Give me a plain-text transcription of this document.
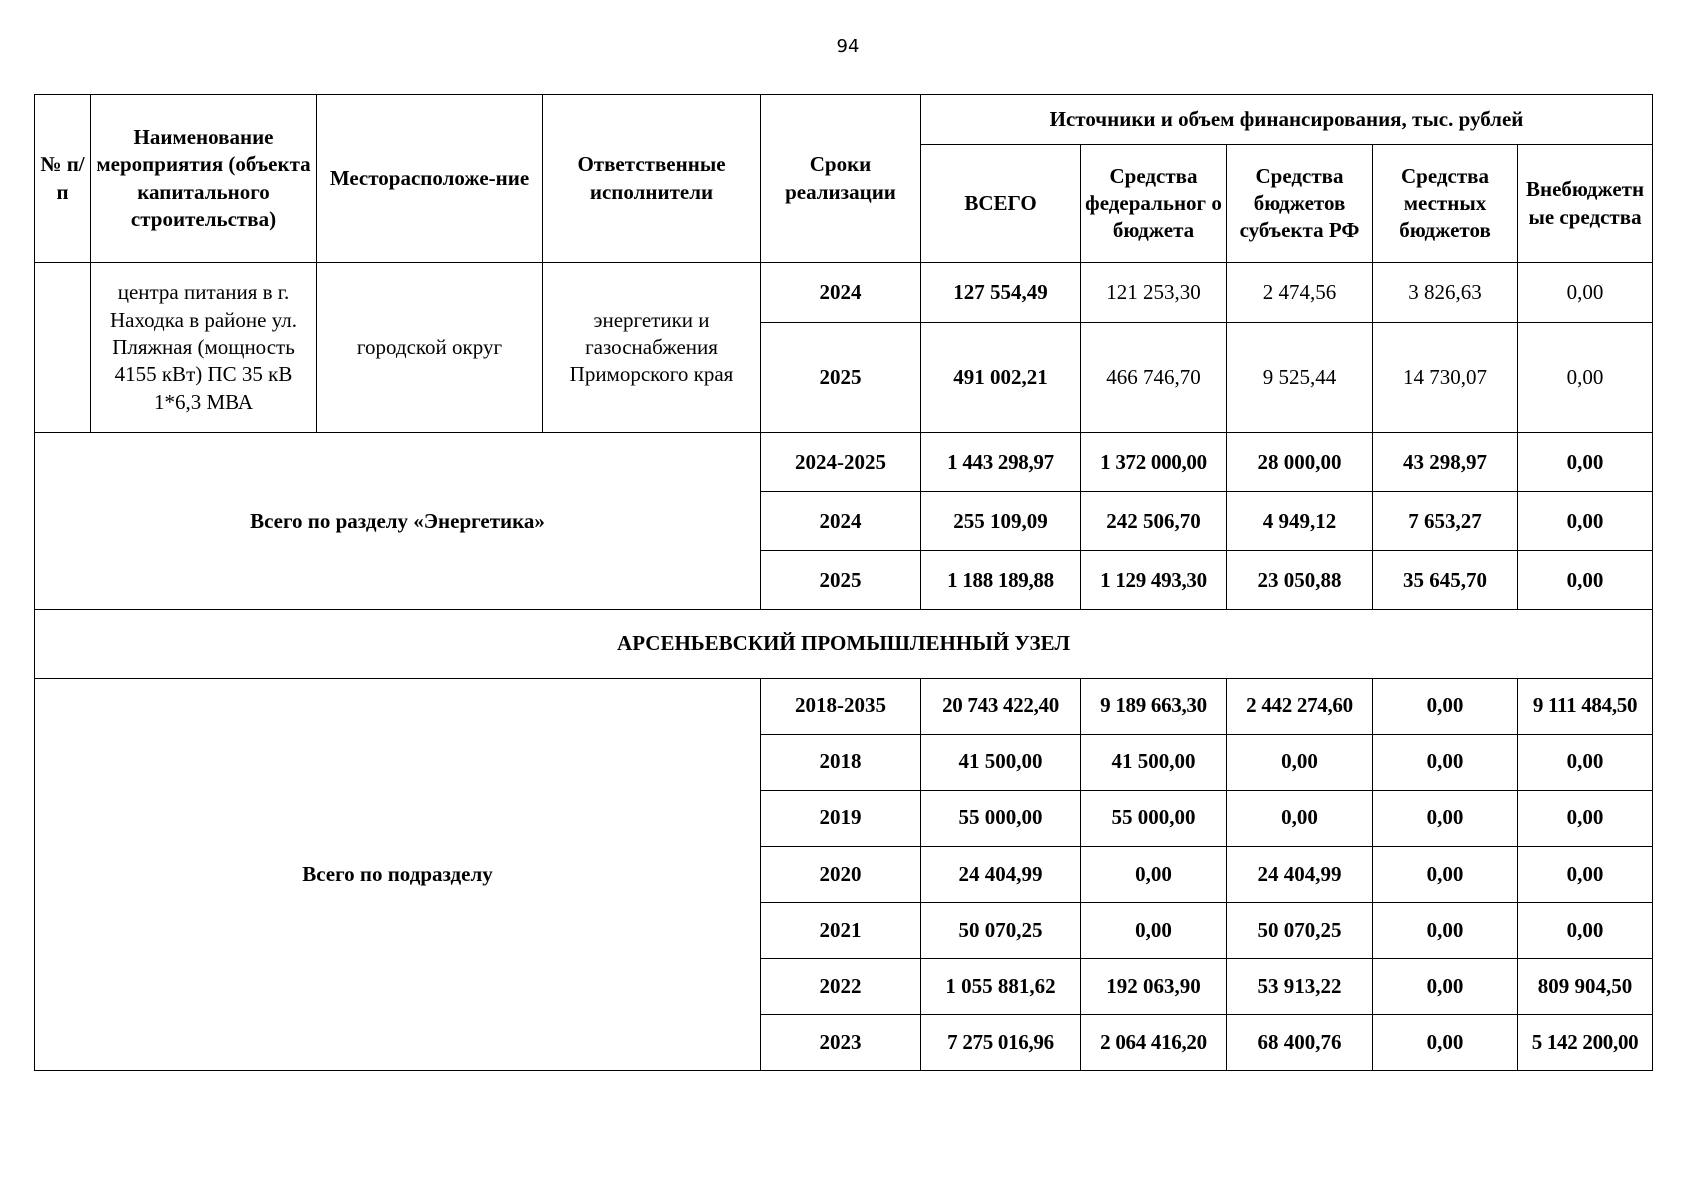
94
№ п/п	Наименование мероприятия (объекта капитального строительства)	Месторасположе-ние	Ответственные исполнители	Сроки реализации	Источники и объем финансирования, тыс. рублей				
					ВСЕГО	Средства федеральног о бюджета	Средства бюджетов субъекта РФ	Средства местных бюджетов	Внебюджетн ые средства
	центра питания в г. Находка в районе ул. Пляжная (мощность 4155 кВт) ПС 35 кВ 1*6,3 МВА	городской округ	энергетики и газоснабжения Приморского края	2024	127 554,49	121 253,30	2 474,56	3 826,63	0,00
				2025	491 002,21	466 746,70	9 525,44	14 730,07	0,00
Всего по разделу «Энергетика»				2024-2025	1 443 298,97	1 372 000,00	28 000,00	43 298,97	0,00
				2024	255 109,09	242 506,70	4 949,12	7 653,27	0,00
				2025	1 188 189,88	1 129 493,30	23 050,88	35 645,70	0,00
АРСЕНЬЕВСКИЙ ПРОМЫШЛЕННЫЙ УЗЕЛ									
Всего по подразделу				2018-2035	20 743 422,40	9 189 663,30	2 442 274,60	0,00	9 111 484,50
				2018	41 500,00	41 500,00	0,00	0,00	0,00
				2019	55 000,00	55 000,00	0,00	0,00	0,00
				2020	24 404,99	0,00	24 404,99	0,00	0,00
				2021	50 070,25	0,00	50 070,25	0,00	0,00
				2022	1 055 881,62	192 063,90	53 913,22	0,00	809 904,50
				2023	7 275 016,96	2 064 416,20	68 400,76	0,00	5 142 200,00
